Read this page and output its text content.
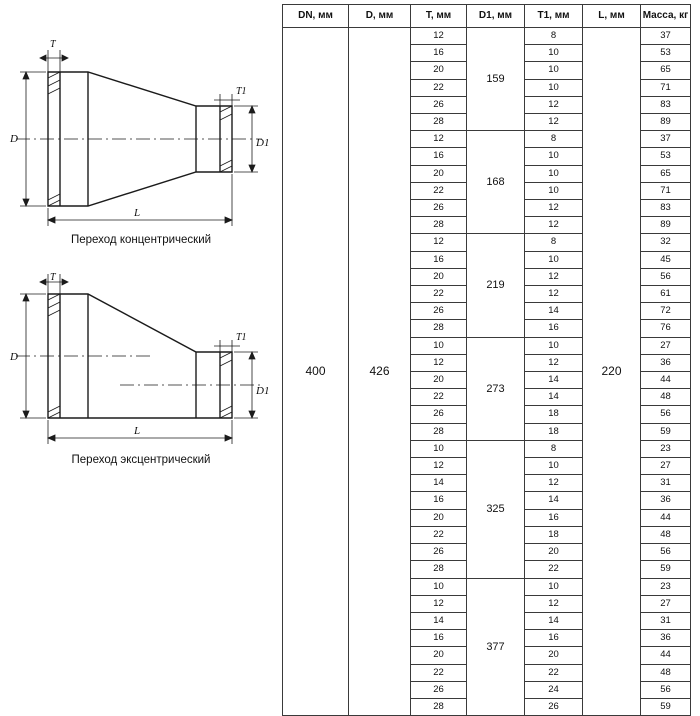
T
T1
D	D1
L
Переход концентрический
T
T1
D
D1
L
Переход эксцентрический
DN, мм	D, мм	T, мм	D1, мм	T1, мм	L, мм	Масса, кг
400	426	12	159	8	220	37
		16		10		53
		20		10		65
		22		10		71
		26		12		83
		28		12		89
		12	168	8		37
		16		10		53
		20		10		65
		22		10		71
		26		12		83
		28		12		89
		12	219	8		32
		16		10		45
		20		12		56
		22		12		61
		26		14		72
		28		16		76
		10	273	10		27
		12		12		36
		20		14		44
		22		14		48
		26		18		56
		28		18		59
		10	325	8		23
		12		10		27
		14		12		31
		16		14		36
		20		16		44
		22		18		48
		26		20		56
		28		22		59
		10	377	10		23
		12		12		27
		14		14		31
		16		16		36
		20		20		44
		22		22		48
		26		24		56
		28		26		59
